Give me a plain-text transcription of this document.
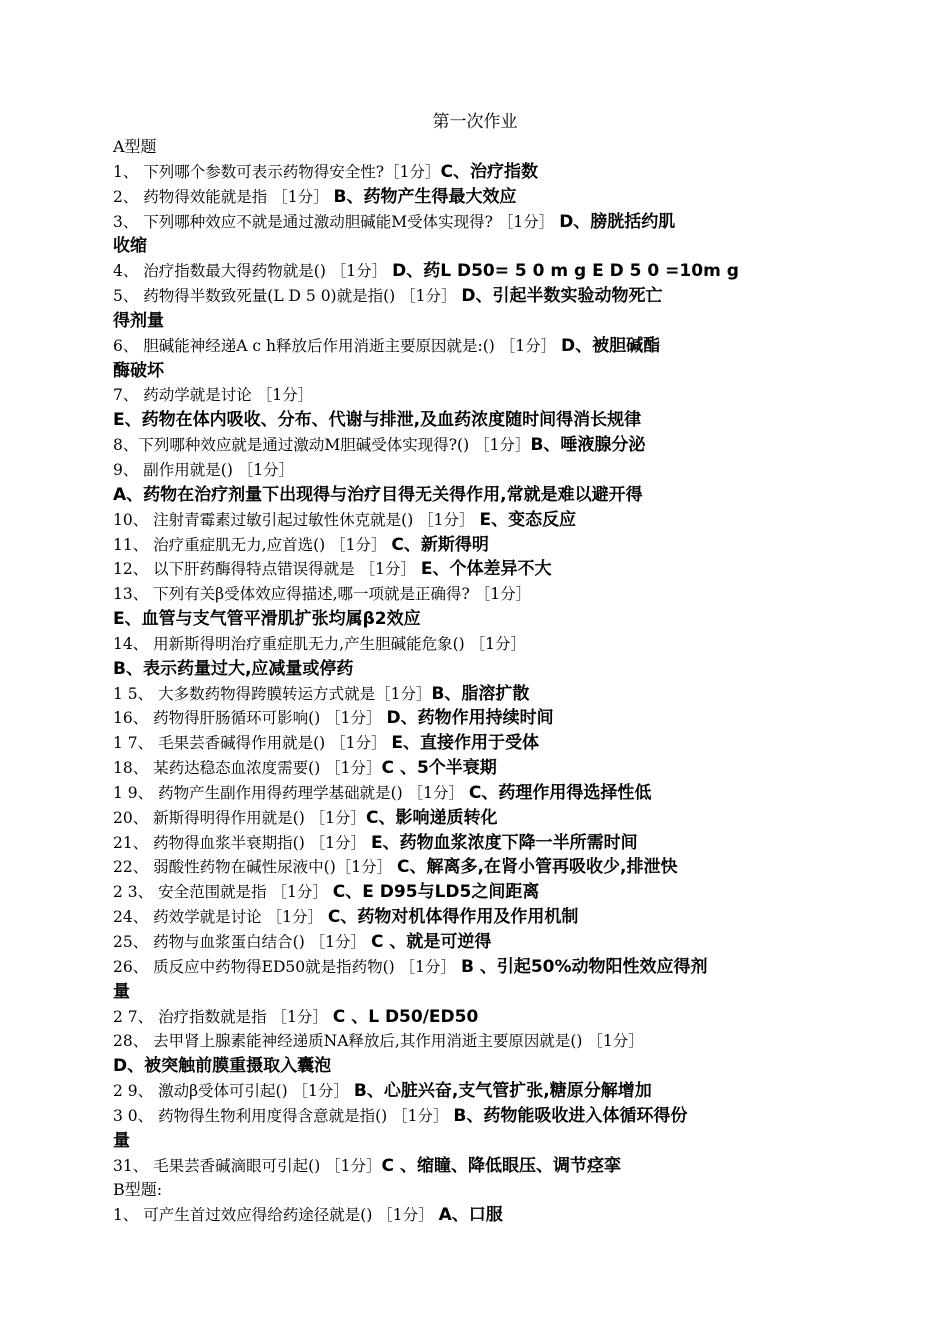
第一次作业
A型题
1、 下列哪个参数可表示药物得安全性?［1分］C、治疗指数
2、 药物得效能就是指 ［1分］ B、药物产生得最大效应
3、 下列哪种效应不就是通过激动胆碱能M受体实现得? ［1分］ D、膀胱括约肌
收缩
4、 治疗指数最大得药物就是() ［1分］ D、药L D50= 5 0 m g E D 5 0 =10m g
5、 药物得半数致死量(L D 5 0)就是指() ［1分］ D、引起半数实验动物死亡
得剂量
6、 胆碱能神经递A c h释放后作用消逝主要原因就是:() ［1分］ D、被胆碱酯
酶破坏
7、 药动学就是讨论 ［1分］
E、药物在体内吸收、分布、代谢与排泄,及血药浓度随时间得消长规律
8、下列哪种效应就是通过激动M胆碱受体实现得?() ［1分］B、唾液腺分泌
9、 副作用就是() ［1分］
A、药物在治疗剂量下出现得与治疗目得无关得作用,常就是难以避开得
10、 注射青霉素过敏引起过敏性休克就是() ［1分］ E、变态反应
11、 治疗重症肌无力,应首选() ［1分］ C、新斯得明
12、 以下肝药酶得特点错误得就是 ［1分］ E、个体差异不大
13、 下列有关β受体效应得描述,哪一项就是正确得? ［1分］
E、血管与支气管平滑肌扩张均属β2效应
14、 用新斯得明治疗重症肌无力,产生胆碱能危象() ［1分］
B、表示药量过大,应减量或停药
1 5、 大多数药物得跨膜转运方式就是［1分］B、脂溶扩散
16、 药物得肝肠循环可影响() ［1分］ D、药物作用持续时间
1 7、 毛果芸香碱得作用就是() ［1分］ E、直接作用于受体
18、 某药达稳态血浓度需要() ［1分］C 、5个半衰期
1 9、 药物产生副作用得药理学基础就是() ［1分］ C、药理作用得选择性低
20、 新斯得明得作用就是() ［1分］C、影响递质转化
21、 药物得血浆半衰期指() ［1分］ E、药物血浆浓度下降一半所需时间
22、 弱酸性药物在碱性尿液中()［1分］ C、解离多,在肾小管再吸收少,排泄快
2 3、 安全范围就是指 ［1分］ C、E D95与LD5之间距离
24、 药效学就是讨论 ［1分］ C、药物对机体得作用及作用机制
25、 药物与血浆蛋白结合() ［1分］ C 、就是可逆得
26、 质反应中药物得ED50就是指药物() ［1分］ B 、引起50%动物阳性效应得剂
量
2 7、 治疗指数就是指 ［1分］ C 、L D50/ED50
28、 去甲肾上腺素能神经递质NA释放后,其作用消逝主要原因就是() ［1分］
D、被突触前膜重摄取入囊泡
2 9、 激动β受体可引起() ［1分］ B、心脏兴奋,支气管扩张,糖原分解增加
3 0、 药物得生物利用度得含意就是指() ［1分］ B、药物能吸收进入体循环得份
量
31、 毛果芸香碱滴眼可引起() ［1分］C 、缩瞳、降低眼压、调节痉挛
B型题:
1、 可产生首过效应得给药途径就是() ［1分］ A、口服
